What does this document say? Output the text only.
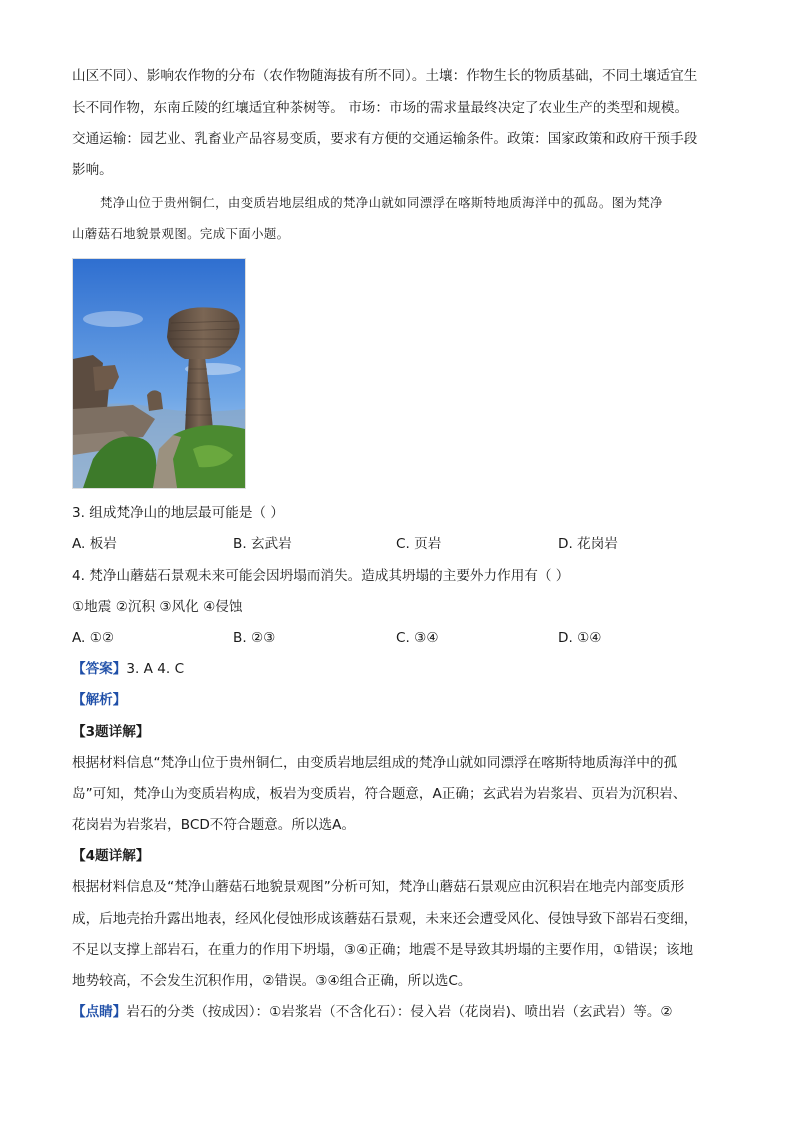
山区不同）、影响农作物的分布（农作物随海拔有所不同）。土壤：作物生长的物质基础，不同土壤适宜生
长不同作物，东南丘陵的红壤适宜种茶树等。 市场：市场的需求量最终决定了农业生产的类型和规模。
交通运输：园艺业、乳畜业产品容易变质，要求有方便的交通运输条件。政策：国家政策和政府干预手段
影响。
梵净山位于贵州铜仁，由变质岩地层组成的梵净山就如同漂浮在喀斯特地质海洋中的孤岛。图为梵净
山蘑菇石地貌景观图。完成下面小题。
3. 组成梵净山的地层最可能是（ ）
A. 板岩	B. 玄武岩	C. 页岩	D. 花岗岩
4. 梵净山蘑菇石景观未来可能会因坍塌而消失。造成其坍塌的主要外力作用有（ ）
①地震 ②沉积 ③风化 ④侵蚀
A. ①②	B. ②③	C. ③④	D. ①④
【答案】3. A 4. C
【解析】
【3题详解】
根据材料信息“梵净山位于贵州铜仁，由变质岩地层组成的梵净山就如同漂浮在喀斯特地质海洋中的孤
岛”可知，梵净山为变质岩构成，板岩为变质岩，符合题意，A正确；玄武岩为岩浆岩、页岩为沉积岩、
花岗岩为岩浆岩，BCD不符合题意。所以选A。
【4题详解】
根据材料信息及“梵净山蘑菇石地貌景观图”分析可知，梵净山蘑菇石景观应由沉积岩在地壳内部变质形
成，后地壳抬升露出地表，经风化侵蚀形成该蘑菇石景观，未来还会遭受风化、侵蚀导致下部岩石变细，
不足以支撑上部岩石，在重力的作用下坍塌，③④正确；地震不是导致其坍塌的主要作用，①错误；该地
地势较高，不会发生沉积作用，②错误。③④组合正确，所以选C。
【点睛】岩石的分类（按成因）：①岩浆岩（不含化石）：侵入岩（花岗岩)、喷出岩（玄武岩）等。②
